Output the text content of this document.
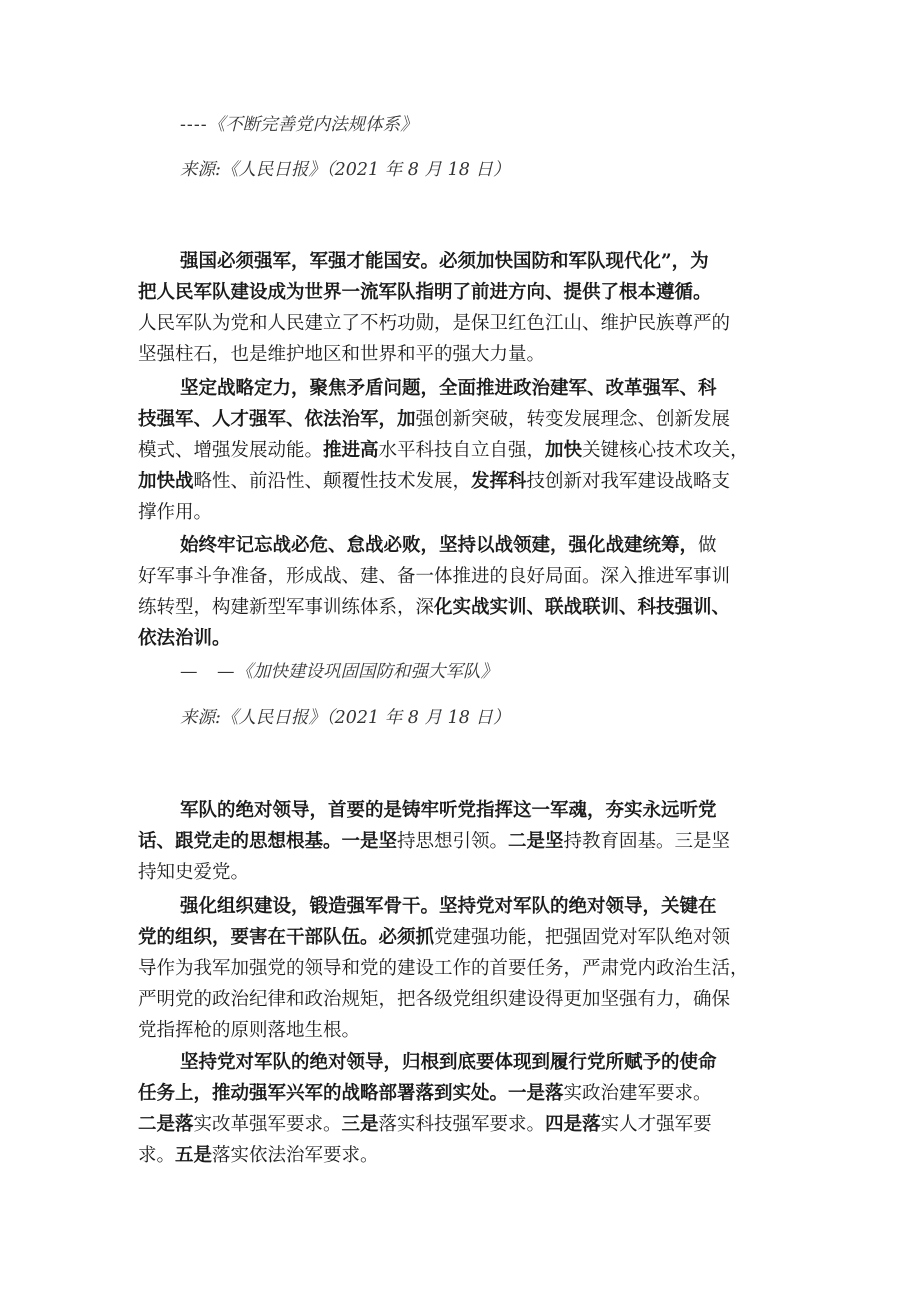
----《不断完善党内法规体系》
来源:《人民日报》（2021 年 8 月 18 日）
强国必须强军，军强才能国安。必须加快国防和军队现代化”，为
把人民军队建设成为世界一流军队指明了前进方向、提供了根本遵循。
人民军队为党和人民建立了不朽功勋，是保卫红色江山、维护民族尊严的
坚强柱石，也是维护地区和世界和平的强大力量。
坚定战略定力，聚焦矛盾问题，全面推进政治建军、改革强军、科
技强军、人才强军、依法治军，加强创新突破，转变发展理念、创新发展
模式、增强发展动能。推进高水平科技自立自强，加快关键核心技术攻关，
加快战略性、前沿性、颠覆性技术发展，发挥科技创新对我军建设战略支
撑作用。
始终牢记忘战必危、怠战必败，坚持以战领建，强化战建统筹，做
好军事斗争准备，形成战、建、备一体推进的良好局面。深入推进军事训
练转型，构建新型军事训练体系，深化实战实训、联战联训、科技强训、
依法治训。
—　—《加快建设巩固国防和强大军队》
来源:《人民日报》（2021 年 8 月 18 日）
军队的绝对领导，首要的是铸牢听党指挥这一军魂，夯实永远听党
话、跟党走的思想根基。一是坚持思想引领。二是坚持教育固基。三是坚
持知史爱党。
强化组织建设，锻造强军骨干。坚持党对军队的绝对领导，关键在
党的组织，要害在干部队伍。必须抓党建强功能，把强固党对军队绝对领
导作为我军加强党的领导和党的建设工作的首要任务，严肃党内政治生活，
严明党的政治纪律和政治规矩，把各级党组织建设得更加坚强有力，确保
党指挥枪的原则落地生根。
坚持党对军队的绝对领导，归根到底要体现到履行党所赋予的使命
任务上，推动强军兴军的战略部署落到实处。一是落实政治建军要求。
二是落实改革强军要求。三是落实科技强军要求。四是落实人才强军要
求。五是落实依法治军要求。
